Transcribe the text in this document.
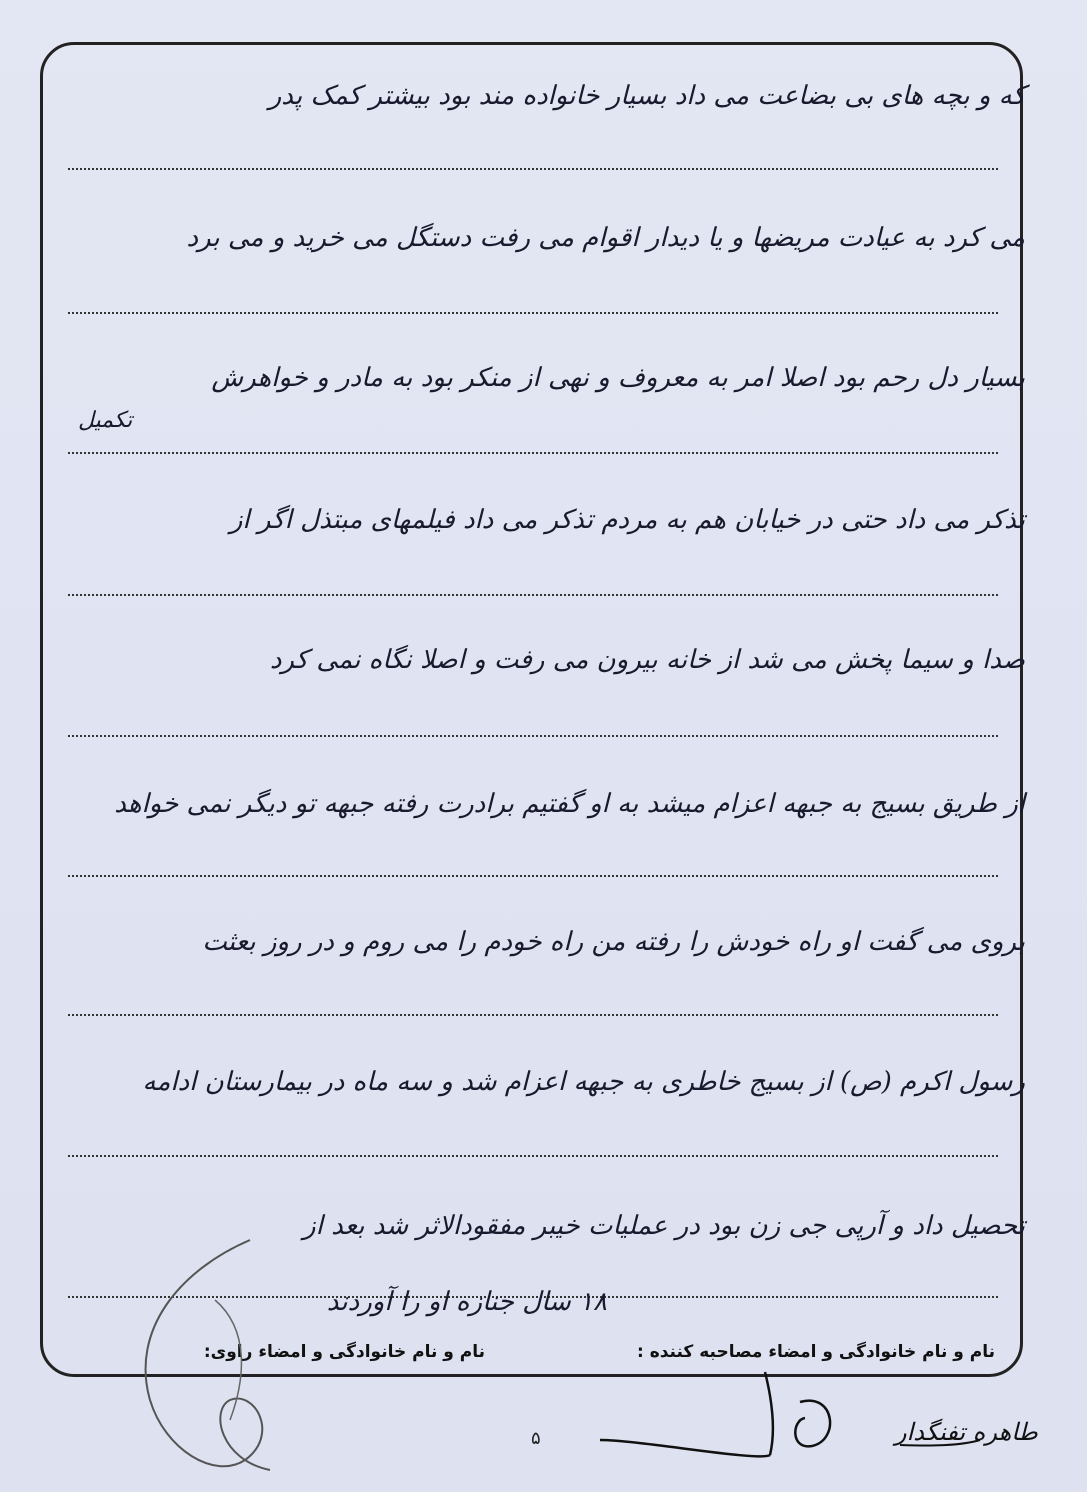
که و بچه های بی بضاعت می داد بسیار خانواده مند بود بیشتر کمک پدر
می کرد به عیادت مریضها و یا دیدار اقوام می رفت دستگل می خرید و می برد
بسیار دل رحم بود اصلا امر به معروف و نهی از منکر بود به مادر و خواهرش
تذکر می داد حتی در خیابان هم به مردم تذکر می داد فیلمهای مبتذل اگر از
صدا و سیما پخش می شد از خانه بیرون می رفت و اصلا نگاه نمی کرد
از طریق بسیج به جبهه اعزام میشد به او گفتیم برادرت رفته جبهه تو دیگر نمی خواهد
بروی می گفت او راه خودش را رفته من راه خودم را می روم و در روز بعثت
رسول اکرم (ص) از بسیج خاطری به جبهه اعزام شد و سه ماه در بیمارستان ادامه
تحصیل داد و آرپی جی زن بود در عملیات خیبر مفقودالاثر شد بعد از
۱۸ سال جنازه او را آوردند
تکمیل
نام و نام خانوادگی و امضاء مصاحبه کننده :
نام و نام خانوادگی و امضاء راوی:
۵	طاهره تفنگدار
